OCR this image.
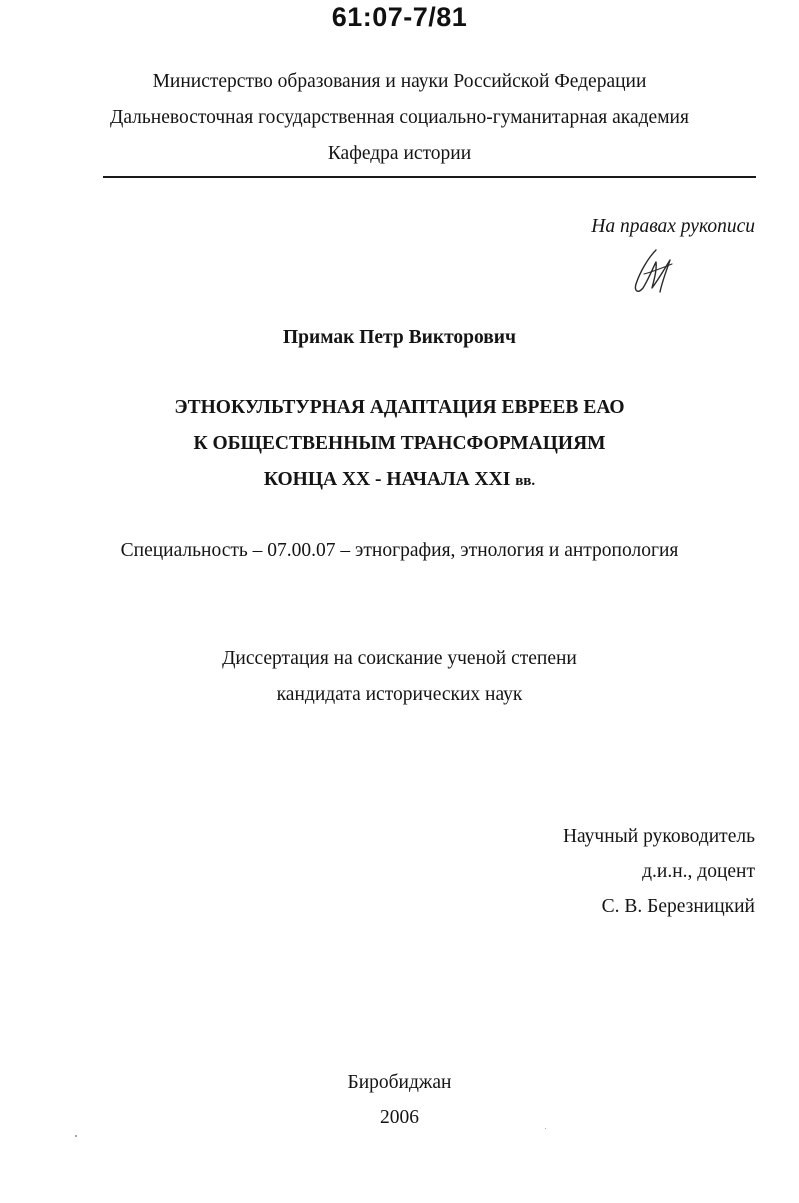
61:07-7/81
Министерство образования и науки Российской Федерации
Дальневосточная государственная социально-гуманитарная академия
Кафедра истории
На правах рукописи
Примак Петр Викторович
ЭТНОКУЛЬТУРНАЯ АДАПТАЦИЯ ЕВРЕЕВ ЕАО
К ОБЩЕСТВЕННЫМ ТРАНСФОРМАЦИЯМ
КОНЦА XX - НАЧАЛА XXI вв.
Специальность – 07.00.07 – этнография, этнология и антропология
Диссертация на соискание ученой степени
кандидата исторических наук
Научный руководитель
д.и.н., доцент
С. В. Березницкий
Биробиджан
2006
